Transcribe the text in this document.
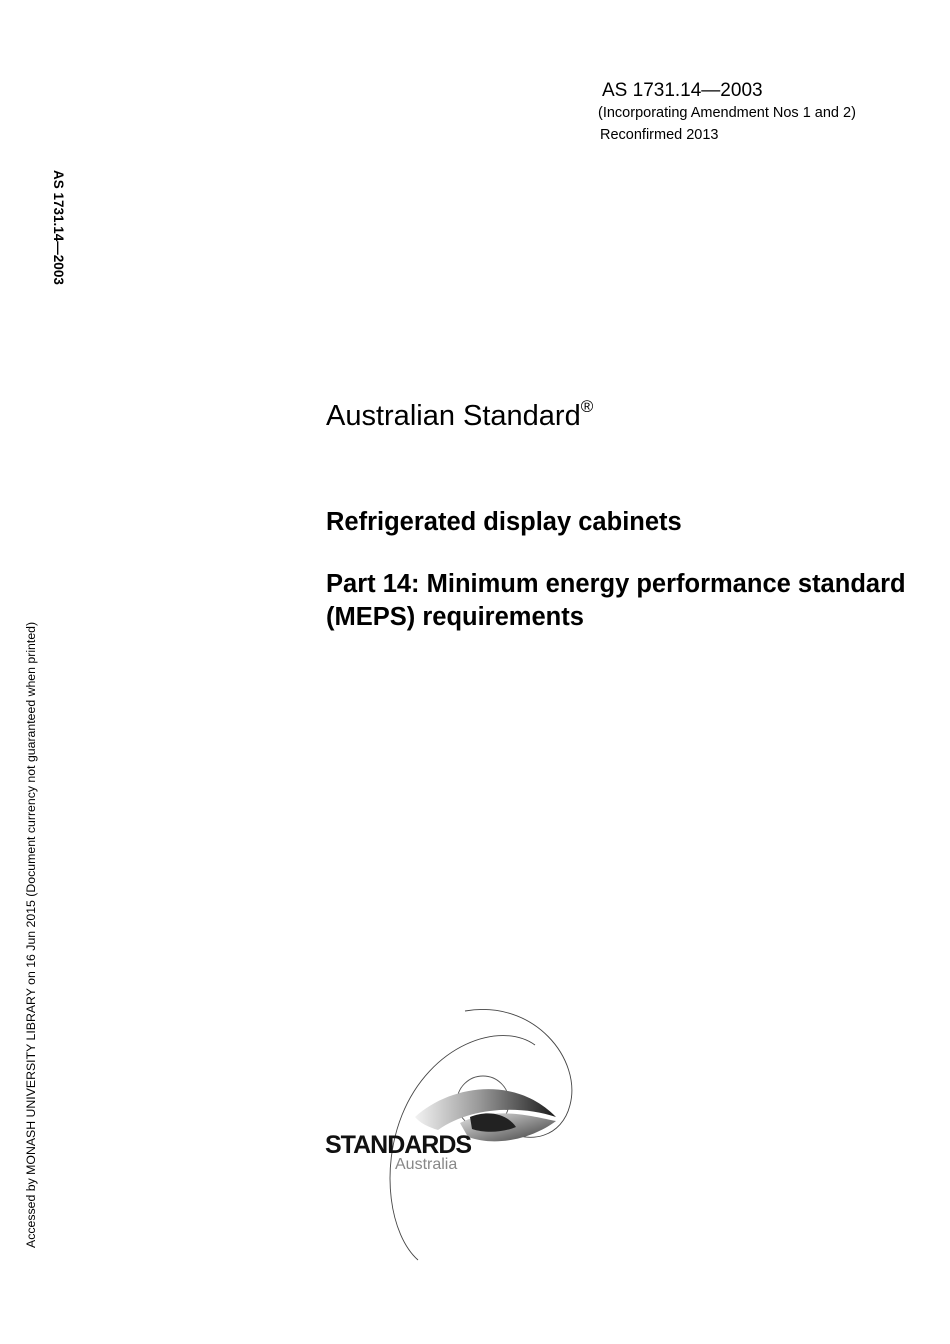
AS 1731.14—2003
(Incorporating Amendment Nos 1 and 2)
Reconfirmed 2013
AS 1731.14—2003
Accessed by MONASH UNIVERSITY LIBRARY on 16 Jun 2015 (Document currency not guaranteed when printed)
Australian Standard®
Refrigerated display cabinets
Part 14: Minimum energy performance standard (MEPS) requirements
STANDARDS
Australia
